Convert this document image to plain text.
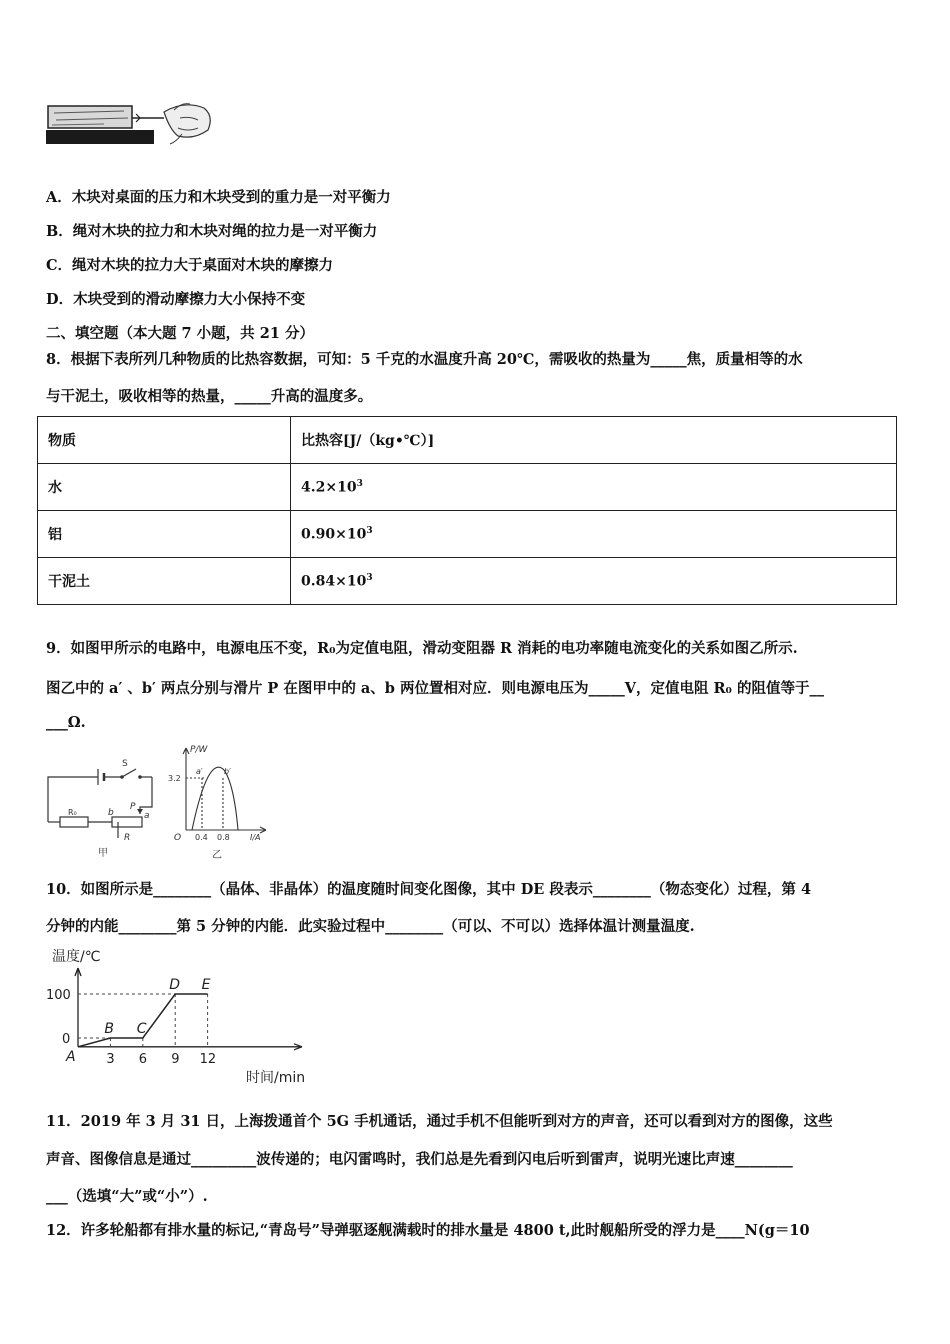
A．木块对桌面的压力和木块受到的重力是一对平衡力
B．绳对木块的拉力和木块对绳的拉力是一对平衡力
C．绳对木块的拉力大于桌面对木块的摩擦力
D．木块受到的滑动摩擦力大小保持不变
二、填空题（本大题 7 小题，共 21 分）
8．根据下表所列几种物质的比热容数据，可知：5 千克的水温度升高 20℃，需吸收的热量为_____焦，质量相等的水
与干泥土，吸收相等的热量，_____升高的温度多。
物质	比热容[J/（kg•℃）]
水	$4.2\times 10^3$
铝	$0.90\times 10^3$
干泥土	$0.84\times 10^3$
9．如图甲所示的电路中，电源电压不变，R₀为定值电阻，滑动变阻器 R 消耗的电功率随电流变化的关系如图乙所示.
图乙中的 a′ 、b′ 两点分别与滑片 P 在图甲中的 a、b 两位置相对应．则电源电压为_____V，定值电阻 R₀ 的阻值等于__
___Ω.
S
R₀	b
P
a
R
甲
P/W
3.2
a′	b′
O 0.4 0.8	I/A
乙
10．如图所示是________（晶体、非晶体）的温度随时间变化图像，其中 DE 段表示________（物态变化）过程，第 4
分钟的内能________第 5 分钟的内能．此实验过程中________（可以、不可以）选择体温计测量温度.
温度/℃
时间/min
A
B C
D E
3 6 9 12
0
100
11．2019 年 3 月 31 日，上海拨通首个 5G 手机通话，通过手机不但能听到对方的声音，还可以看到对方的图像，这些
声音、图像信息是通过_________波传递的；电闪雷鸣时，我们总是先看到闪电后听到雷声，说明光速比声速________
___（选填“大”或“小”）.
12．许多轮船都有排水量的标记,“青岛号”导弹驱逐舰满载时的排水量是 4800 t,此时舰船所受的浮力是____N(g＝10
